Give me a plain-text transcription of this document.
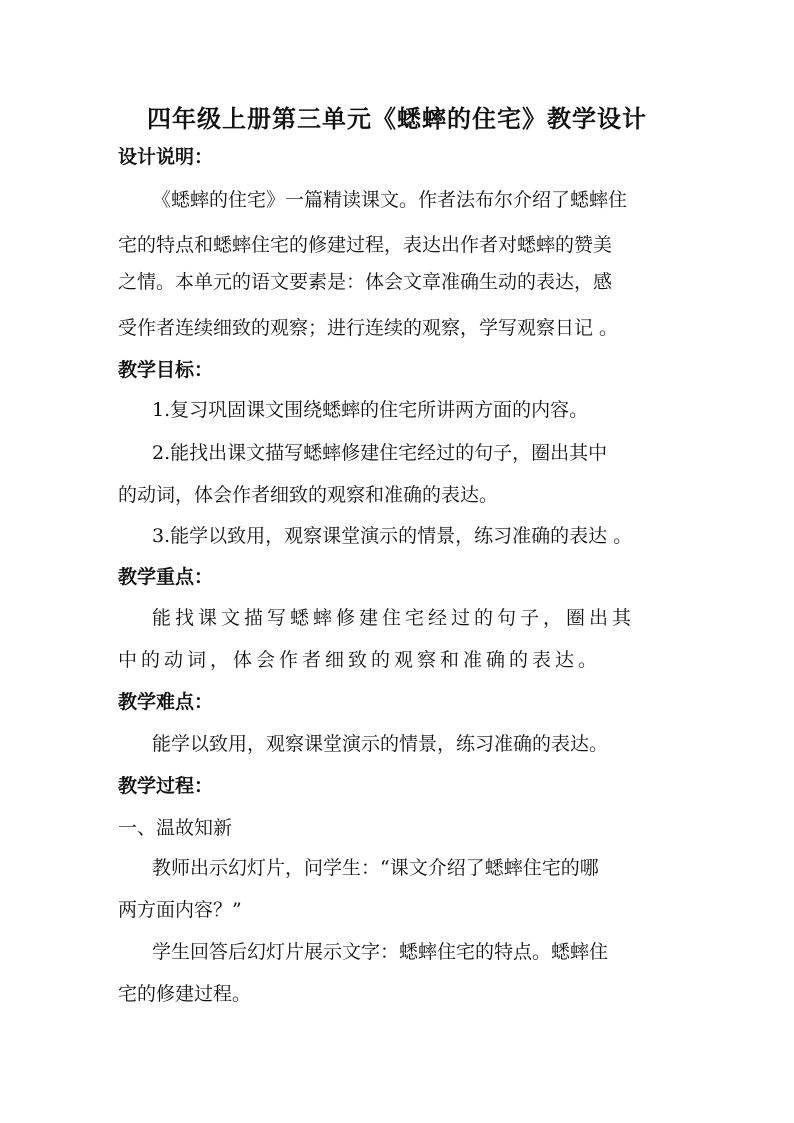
四年级上册第三单元《蟋蟀的住宅》教学设计
设计说明：
《蟋蟀的住宅》一篇精读课文。作者法布尔介绍了蟋蟀住
宅的特点和蟋蟀住宅的修建过程，表达出作者对蟋蟀的赞美
之情。本单元的语文要素是：体会文章准确生动的表达，感
受作者连续细致的观察；进行连续的观察，学写观察日记 。
教学目标：
1.复习巩固课文围绕蟋蟀的住宅所讲两方面的内容。
2.能找出课文描写蟋蟀修建住宅经过的句子，圈出其中
的动词，体会作者细致的观察和准确的表达。
3.能学以致用，观察课堂演示的情景，练习准确的表达 。
教学重点：
能找课文描写蟋蟀修建住宅经过的句子，圈出其
中的动词，体会作者细致的观察和准确的表达。
教学难点：
能学以致用，观察课堂演示的情景，练习准确的表达。
教学过程：
一、温故知新
教师出示幻灯片，问学生：“课文介绍了蟋蟀住宅的哪
两方面内容？”
学生回答后幻灯片展示文字：蟋蟀住宅的特点。蟋蟀住
宅的修建过程。
